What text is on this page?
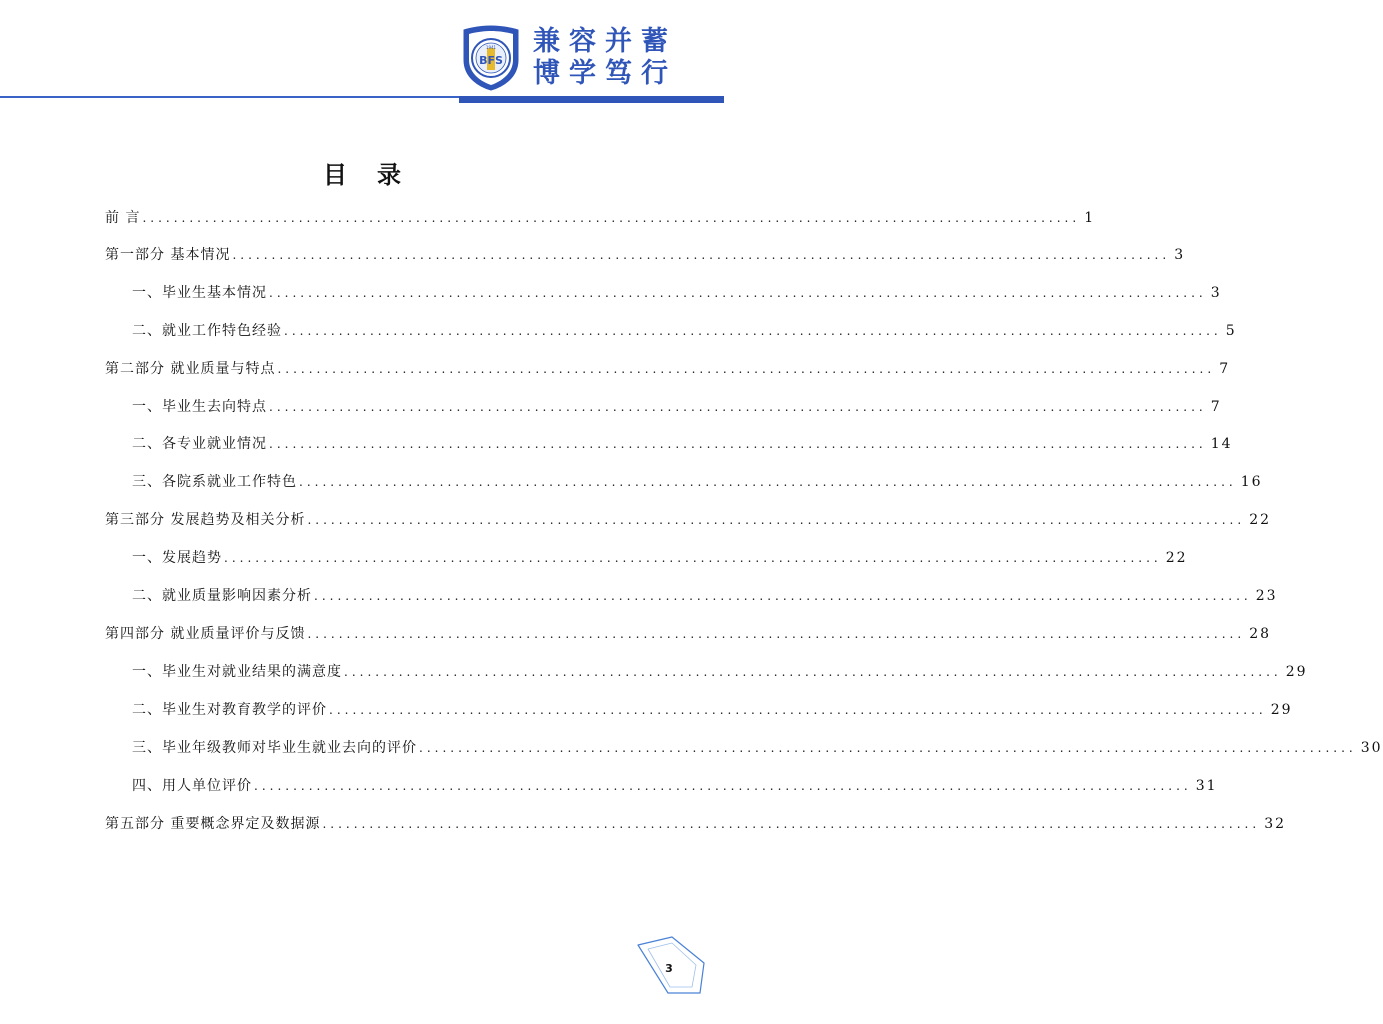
BFS
1941 兼容并蓄
博学笃行
目录
前 言 ........................................................................................................................ 1
第一部分 基本情况 ........................................................................................................................ 3
一、毕业生基本情况 ........................................................................................................................ 3
二、就业工作特色经验 ........................................................................................................................ 5
第二部分 就业质量与特点 ........................................................................................................................ 7
一、毕业生去向特点 ........................................................................................................................ 7
二、各专业就业情况 ........................................................................................................................ 14
三、各院系就业工作特色 ........................................................................................................................ 16
第三部分 发展趋势及相关分析 ........................................................................................................................ 22
一、发展趋势 ........................................................................................................................ 22
二、就业质量影响因素分析 ........................................................................................................................ 23
第四部分 就业质量评价与反馈 ........................................................................................................................ 28
一、毕业生对就业结果的满意度 ........................................................................................................................ 29
二、毕业生对教育教学的评价 ........................................................................................................................ 29
三、毕业年级教师对毕业生就业去向的评价 ........................................................................................................................ 30
四、用人单位评价 ........................................................................................................................ 31
第五部分 重要概念界定及数据源 ........................................................................................................................ 32
3
